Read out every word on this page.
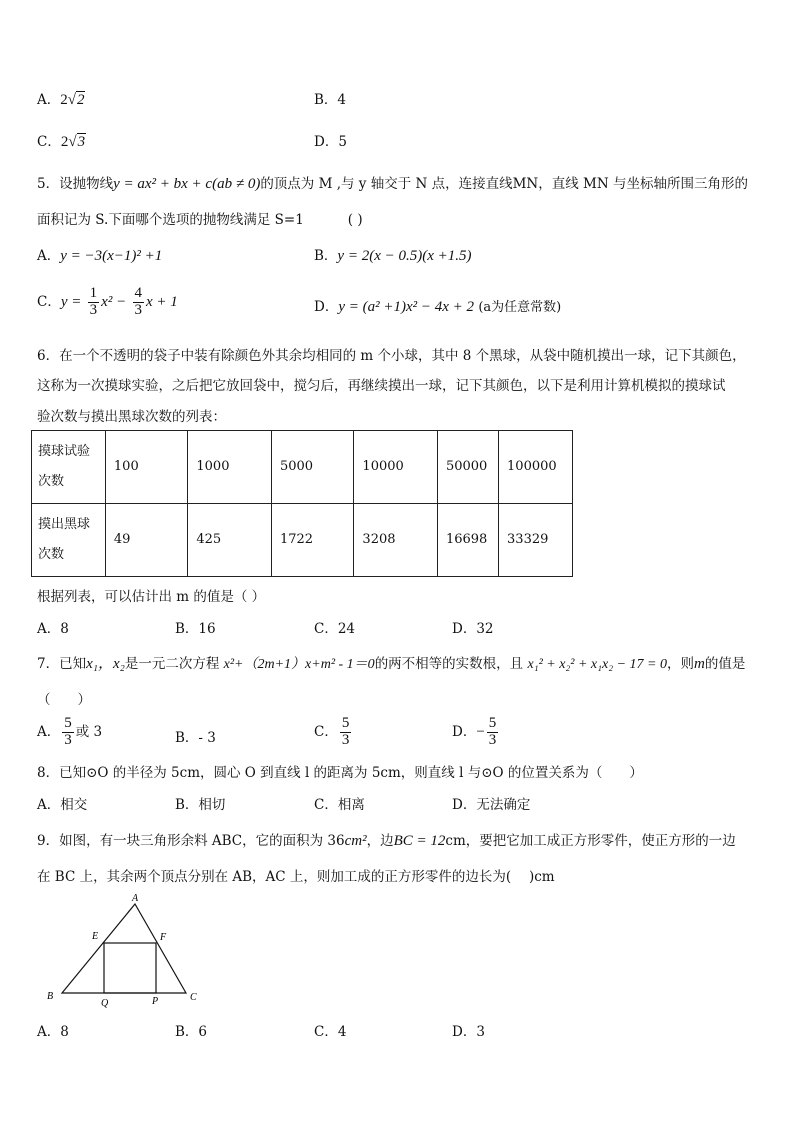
A．2√2	B．4
C．2√3	D．5
5．设抛物线y = ax² + bx + c(ab ≠ 0)的顶点为 M ,与 y 轴交于 N 点，连接直线MN，直线 MN 与坐标轴所围三角形的
面积记为 S.下面哪个选项的抛物线满足 S=1	( )
A．y = −3(x−1)² +1	B．y = 2(x − 0.5)(x +1.5)
C．$y = \frac{1}{3} x^2 - \frac{4}{3}$ x + 1	D．y = (a² +1)x² − 4x + 2 (a为任意常数)
6．在一个不透明的袋子中装有除颜色外其余均相同的 m 个小球，其中 8 个黑球，从袋中随机摸出一球，记下其颜色，
这称为一次摸球实验，之后把它放回袋中，搅匀后，再继续摸出一球，记下其颜色，以下是利用计算机模拟的摸球试
验次数与摸出黑球次数的列表：
摸球试验
次数	100	1000	5000	10000	50000	100000
摸出黑球
次数	49	425	1722	3208	16698	33329
根据列表，可以估计出 m 的值是（ ）
A．8	B．16	C．24	D．32
7．已知x₁，x₂是一元二次方程 x²+（2m+1）x+m² - 1＝0的两不相等的实数根，且 x₁² + x₂² + x₁x₂ − 17 = 0，则m的值是
（　　）
A． $\frac{5}{3}$ 或 3	B．- 3	C． $\frac{5}{3}$	D．− $\frac{5}{3}$
8．已知⊙O 的半径为 5cm，圆心 O 到直线 l 的距离为 5cm，则直线 l 与⊙O 的位置关系为（　　）
A．相交	B．相切	C．相离	D．无法确定
9．如图，有一块三角形余料 ABC，它的面积为 36cm²，边BC = 12cm，要把它加工成正方形零件，使正方形的一边
在 BC 上，其余两个顶点分别在 AB，AC 上，则加工成的正方形零件的边长为(　 )cm
A
B	C
E	F
Q	P
A．8	B．6	C．4	D．3
